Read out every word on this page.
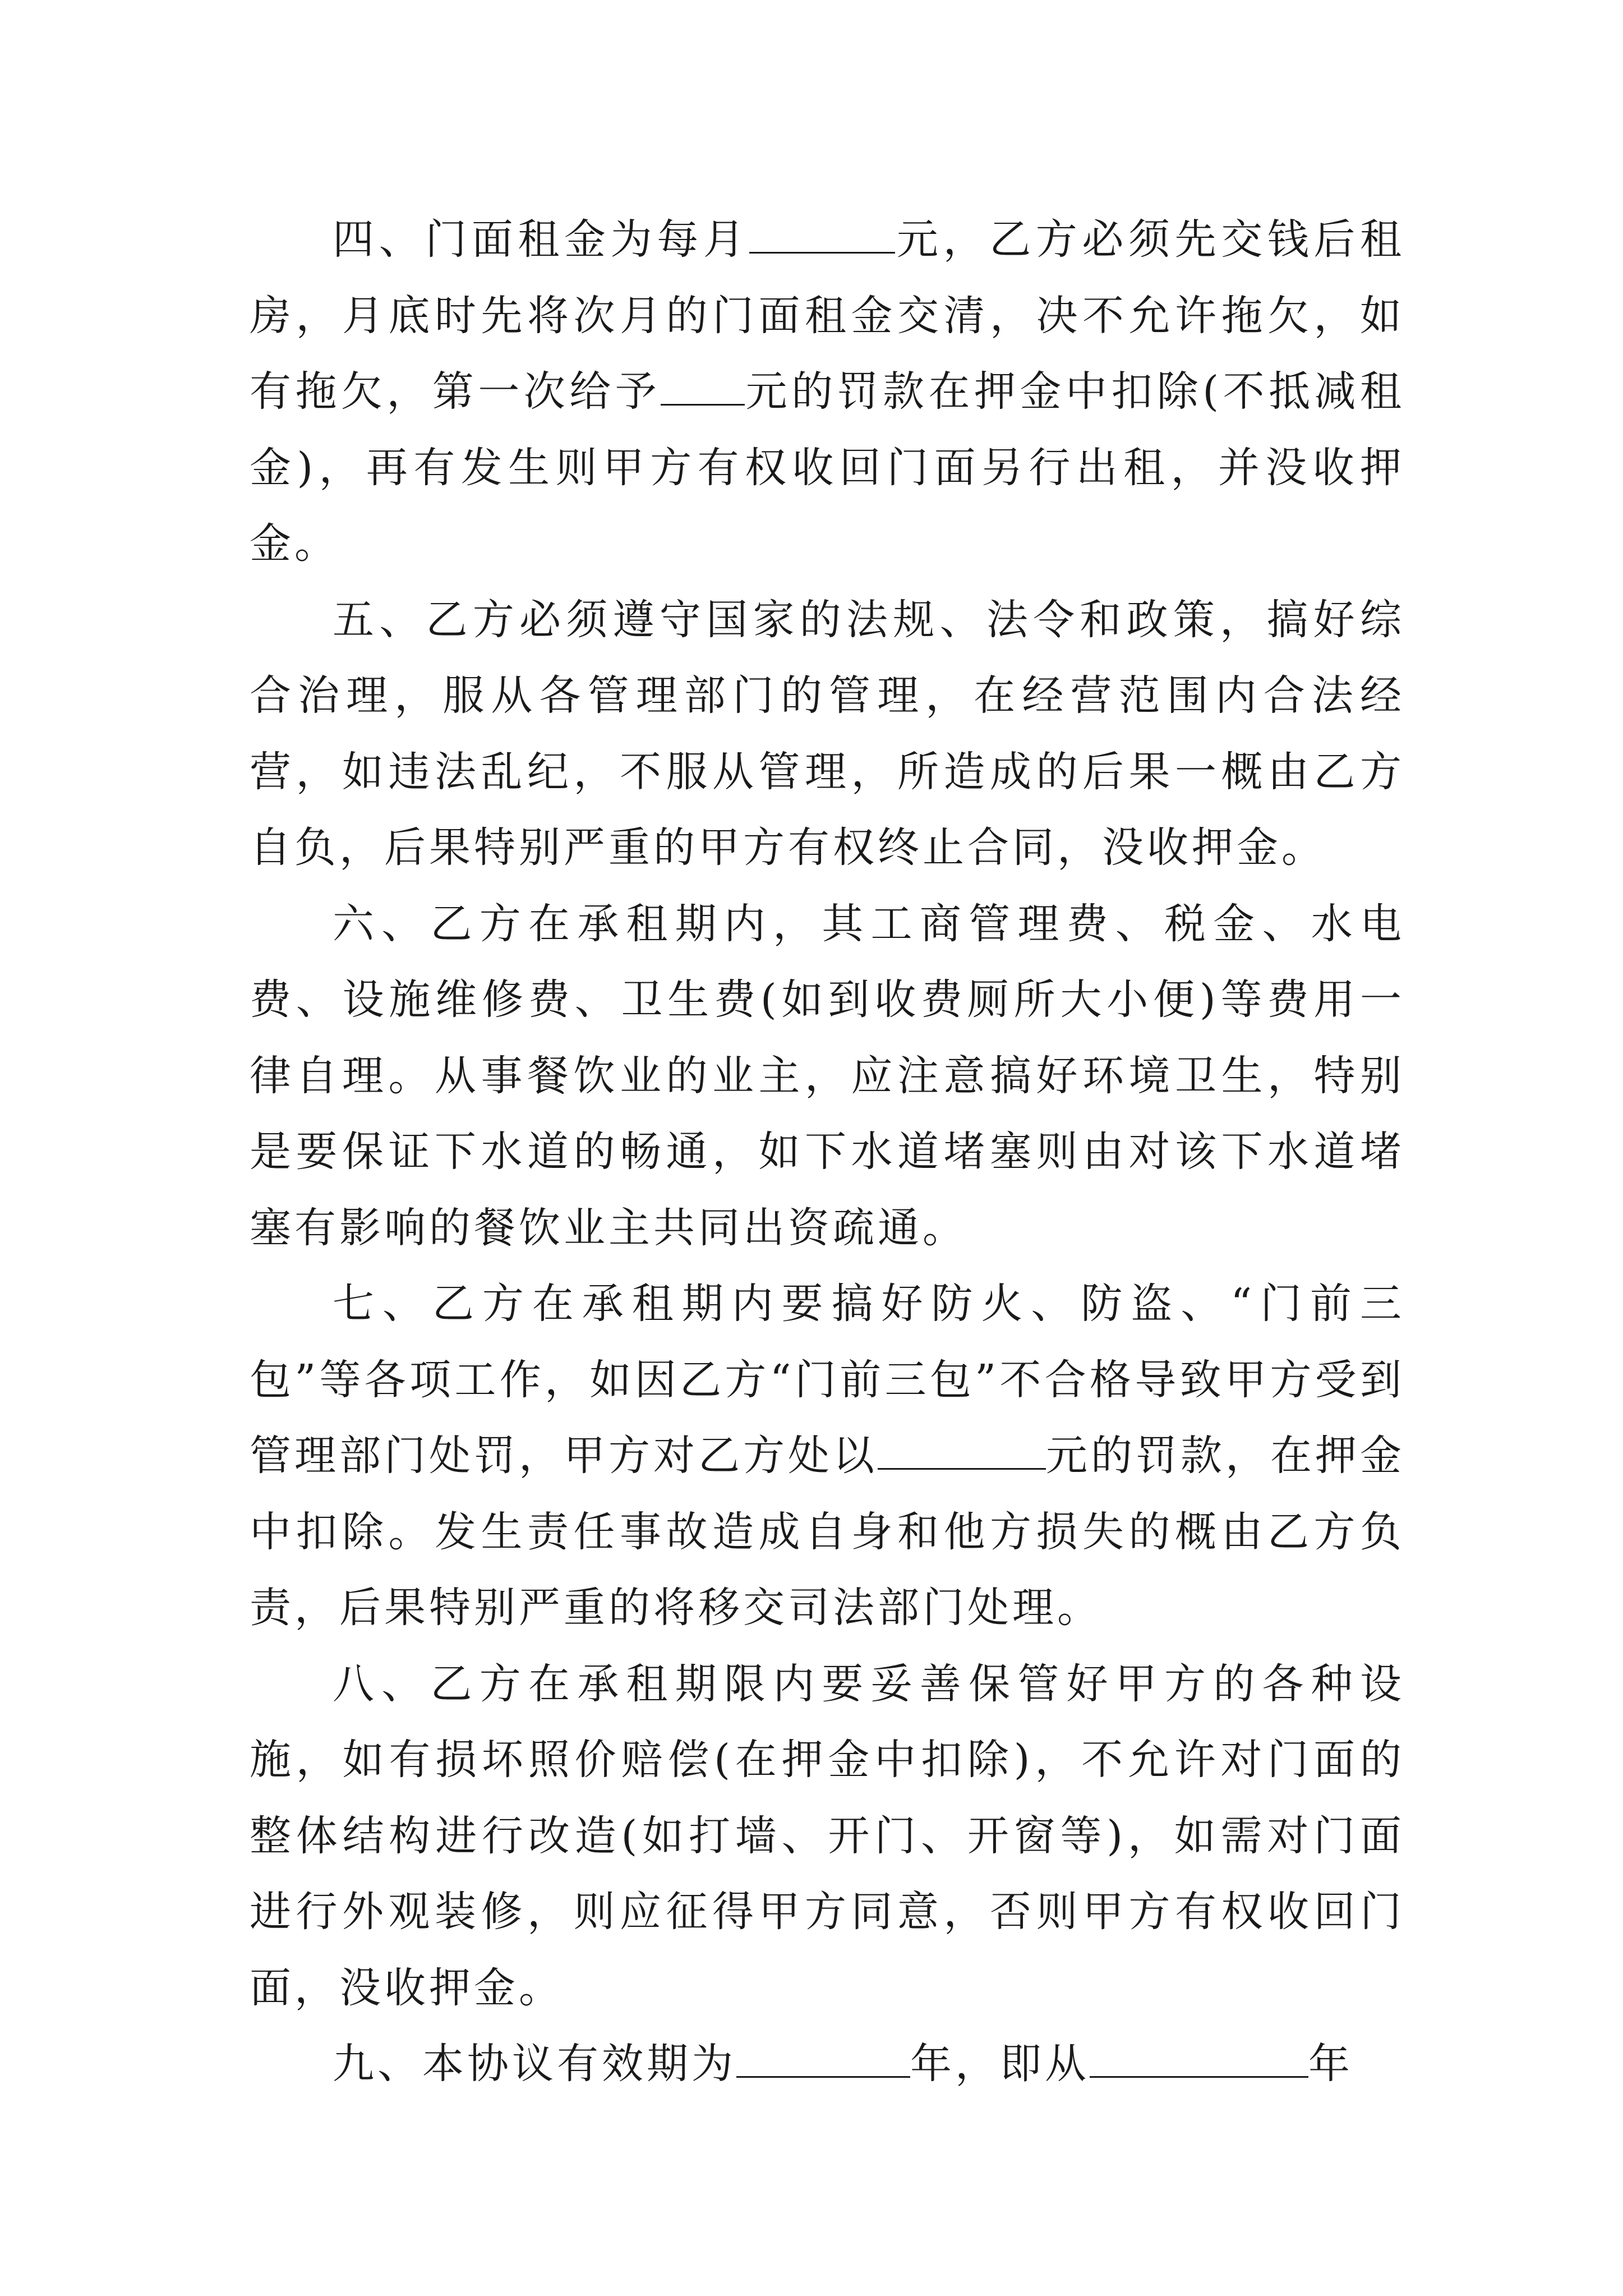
四、门面租金为每月	元，乙方必须先交钱后租房，月底时先将次月的门面租金交清，决不允许拖欠，如有拖欠，第一次给予 元的罚款在押金中扣除(不抵减租金)，再有发生则甲方有权收回门面另行出租，并没收押金。

五、乙方必须遵守国家的法规、法令和政策，搞好综合治理，服从各管理部门的管理，在经营范围内合法经营，如违法乱纪，不服从管理，所造成的后果一概由乙方自负，后果特别严重的甲方有权终止合同，没收押金。

六、乙方在承租期内，其工商管理费、税金、水电费、设施维修费、卫生费(如到收费厕所大小便)等费用一律自理。从事餐饮业的业主，应注意搞好环境卫生，特别是要保证下水道的畅通，如下水道堵塞则由对该下水道堵塞有影响的餐饮业主共同出资疏通。

七、乙方在承租期内要搞好防火、防盗、“门前三包”等各项工作，如因乙方“门前三包”不合格导致甲方受到管理部门处罚，甲方对乙方处以	元的罚款，在押金中扣除。发生责任事故造成自身和他方损失的概由乙方负责，后果特别严重的将移交司法部门处理。

八、乙方在承租期限内要妥善保管好甲方的各种设施，如有损坏照价赔偿(在押金中扣除)，不允许对门面的整体结构进行改造(如打墙、开门、开窗等)，如需对门面进行外观装修，则应征得甲方同意，否则甲方有权收回门面，没收押金。

九、本协议有效期为	年，即从	年
